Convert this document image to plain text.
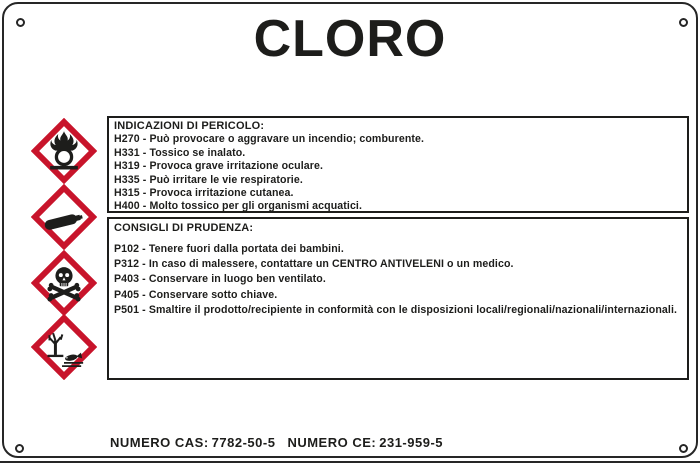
CLORO
INDICAZIONI DI PERICOLO:
H270 - Può provocare o aggravare un incendio; comburente.
H331 - Tossico se inalato.
H319 - Provoca grave irritazione oculare.
H335 - Può irritare le vie respiratorie.
H315 - Provoca irritazione cutanea.
H400 - Molto tossico per gli organismi acquatici.
CONSIGLI DI PRUDENZA:
P102 - Tenere fuori dalla portata dei bambini.
P312 - In caso di malessere, contattare un CENTRO ANTIVELENI o un medico.
P403 - Conservare in luogo ben ventilato.
P405 - Conservare sotto chiave.
P501 - Smaltire il prodotto/recipiente in conformità con le disposizioni locali/regionali/nazionali/internazionali.
NUMERO CAS: 7782-50-5 NUMERO CE: 231-959-5
